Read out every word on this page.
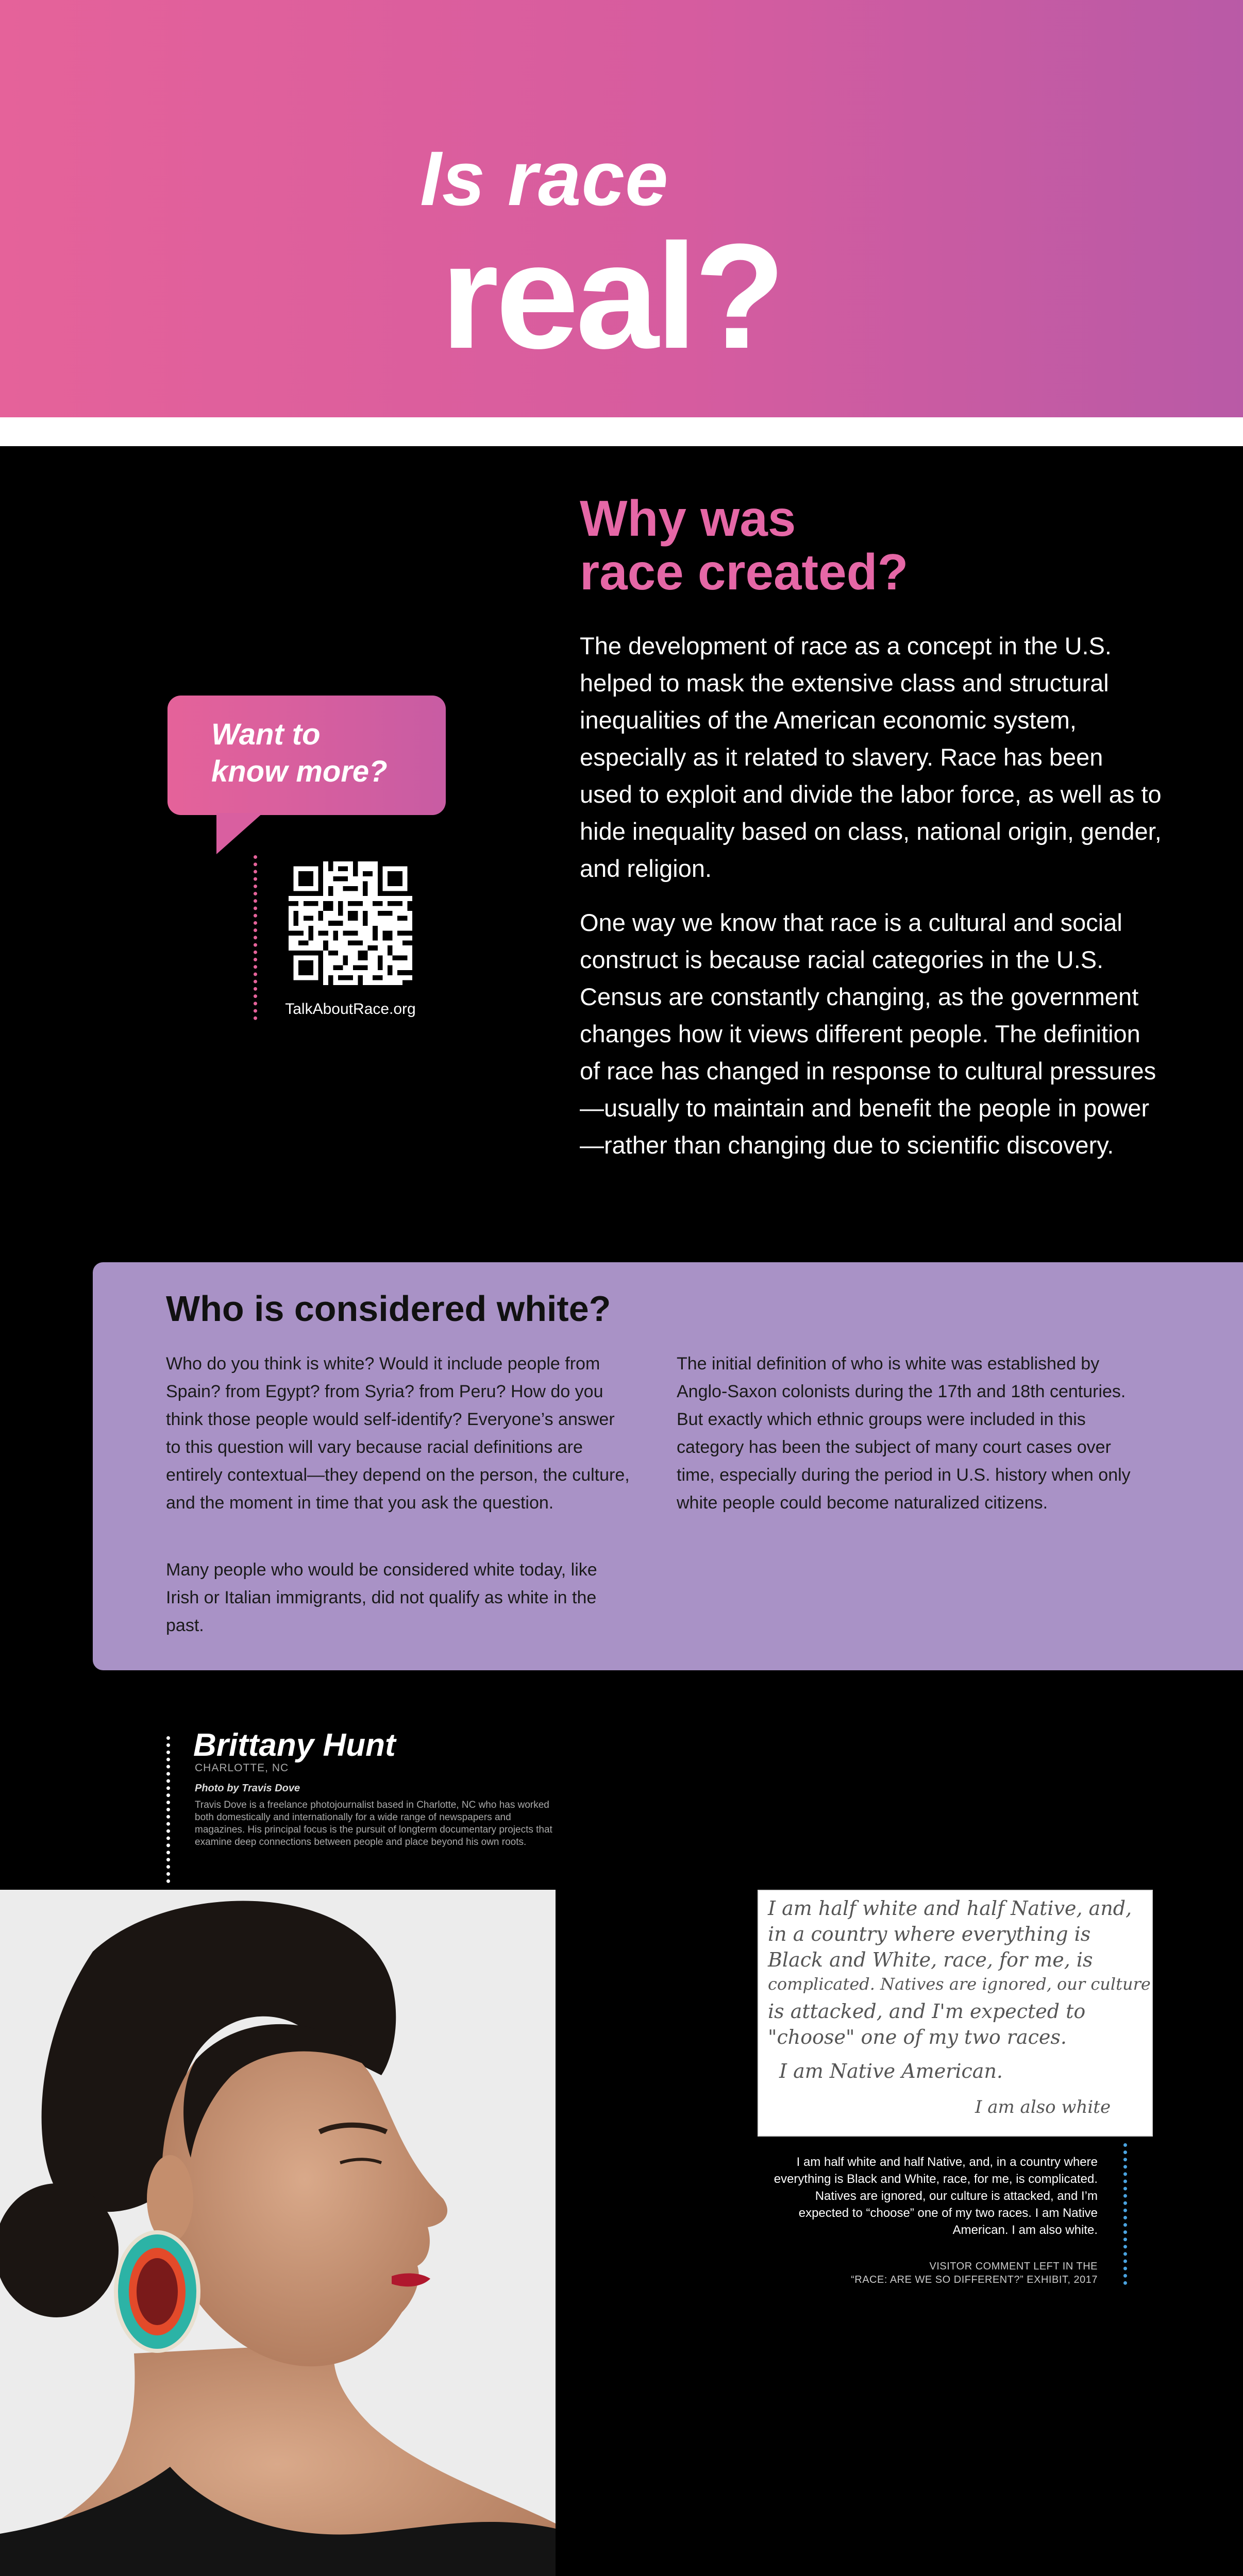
Is race
real?
Why was
race created?
The development of race as a concept in the U.S. helped to mask the extensive class and structural inequalities of the American economic system, especially as it related to slavery. Race has been used to exploit and divide the labor force, as well as to hide inequality based on class, national origin, gender, and religion.
One way we know that race is a cultural and social construct is because racial categories in the U.S. Census are constantly changing, as the government changes how it views different people. The definition of race has changed in response to cultural pressures—usually to maintain and benefit the people in power—rather than changing due to scientific discovery.
Want to
know more?
TalkAboutRace.org
Who is considered white?
Who do you think is white? Would it include people from Spain? from Egypt? from Syria? from Peru? How do you think those people would self-identify? Everyone’s answer to this question will vary because racial definitions are entirely contextual—they depend on the person, the culture, and the moment in time that you ask the question.
Many people who would be considered white today, like Irish or Italian immigrants, did not qualify as white in the past.
The initial definition of who is white was established by Anglo-Saxon colonists during the 17th and 18th centuries. But exactly which ethnic groups were included in this category has been the subject of many court cases over time, especially during the period in U.S. history when only white people could become naturalized citizens.
Brittany Hunt
CHARLOTTE, NC
Photo by Travis Dove
Travis Dove is a freelance photojournalist based in Charlotte, NC who has worked both domestically and internationally for a wide range of newspapers and magazines. His principal focus is the pursuit of longterm documentary projects that examine deep connections between people and place beyond his own roots.
I am half white and half Native, and,
in a country where everything is
Black and White, race, for me, is
complicated. Natives are ignored, our culture
is attacked, and I'm expected to
"choose" one of my two races.
I am Native American.
I am also white
I am half white and half Native, and, in a country where everything is Black and White, race, for me, is complicated. Natives are ignored, our culture is attacked, and I’m expected to “choose” one of my two races. I am Native American. I am also white.
VISITOR COMMENT LEFT IN THE
“RACE: ARE WE SO DIFFERENT?” EXHIBIT, 2017
